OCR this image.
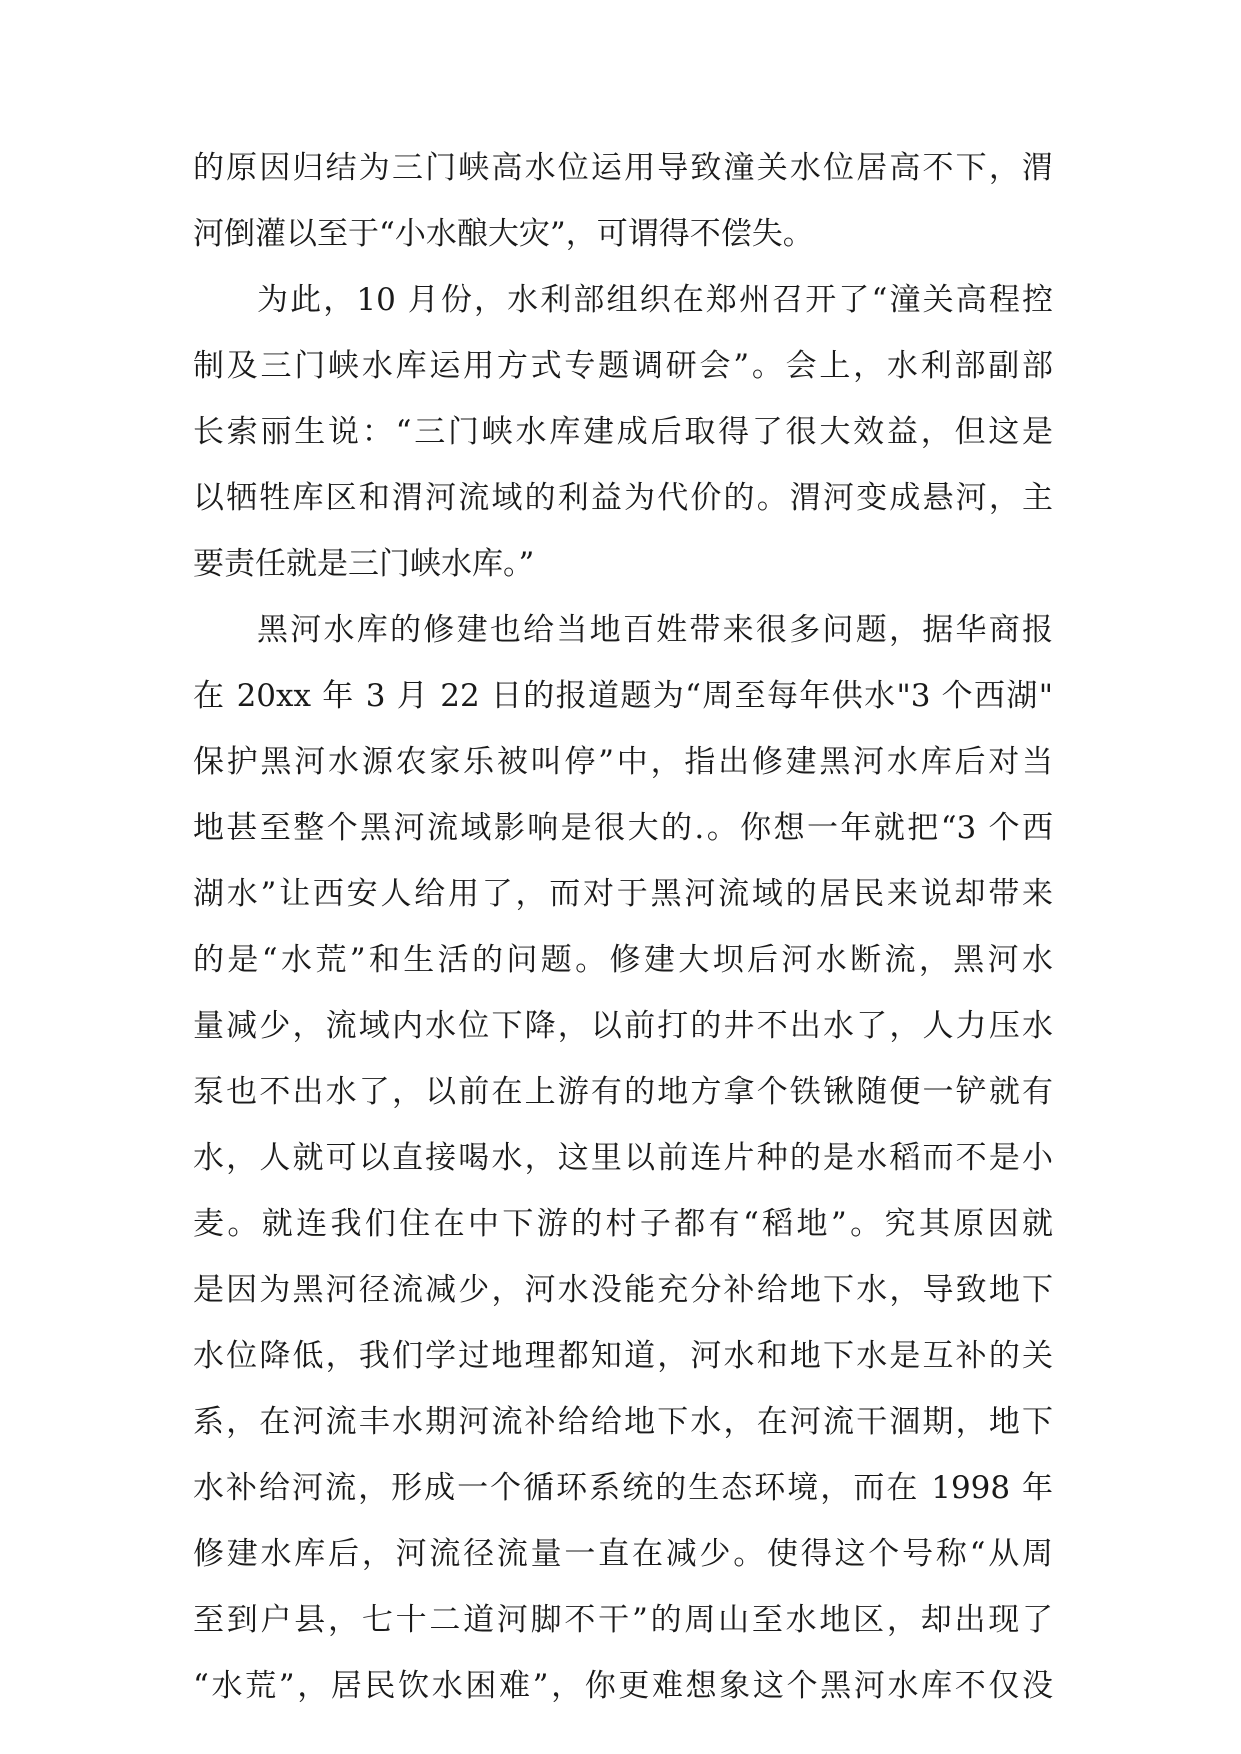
的原因归结为三门峡高水位运用导致潼关水位居高不下，渭
河倒灌以至于“小水酿大灾”，可谓得不偿失。
为此，10 月份，水利部组织在郑州召开了“潼关高程控
制及三门峡水库运用方式专题调研会”。会上，水利部副部
长索丽生说：“三门峡水库建成后取得了很大效益，但这是
以牺牲库区和渭河流域的利益为代价的。渭河变成悬河，主
要责任就是三门峡水库。”
黑河水库的修建也给当地百姓带来很多问题，据华商报
在 20xx 年 3 月 22 日的报道题为“周至每年供水"3 个西湖"
保护黑河水源农家乐被叫停”中，指出修建黑河水库后对当
地甚至整个黑河流域影响是很大的.。你想一年就把“3 个西
湖水”让西安人给用了，而对于黑河流域的居民来说却带来
的是“水荒”和生活的问题。修建大坝后河水断流，黑河水
量减少，流域内水位下降，以前打的井不出水了，人力压水
泵也不出水了，以前在上游有的地方拿个铁锹随便一铲就有
水，人就可以直接喝水，这里以前连片种的是水稻而不是小
麦。就连我们住在中下游的村子都有“稻地”。究其原因就
是因为黑河径流减少，河水没能充分补给地下水，导致地下
水位降低，我们学过地理都知道，河水和地下水是互补的关
系，在河流丰水期河流补给给地下水，在河流干涸期，地下
水补给河流，形成一个循环系统的生态环境，而在 1998 年
修建水库后，河流径流量一直在减少。使得这个号称“从周
至到户县，七十二道河脚不干”的周山至水地区，却出现了
“水荒”，居民饮水困难”，你更难想象这个黑河水库不仅没
